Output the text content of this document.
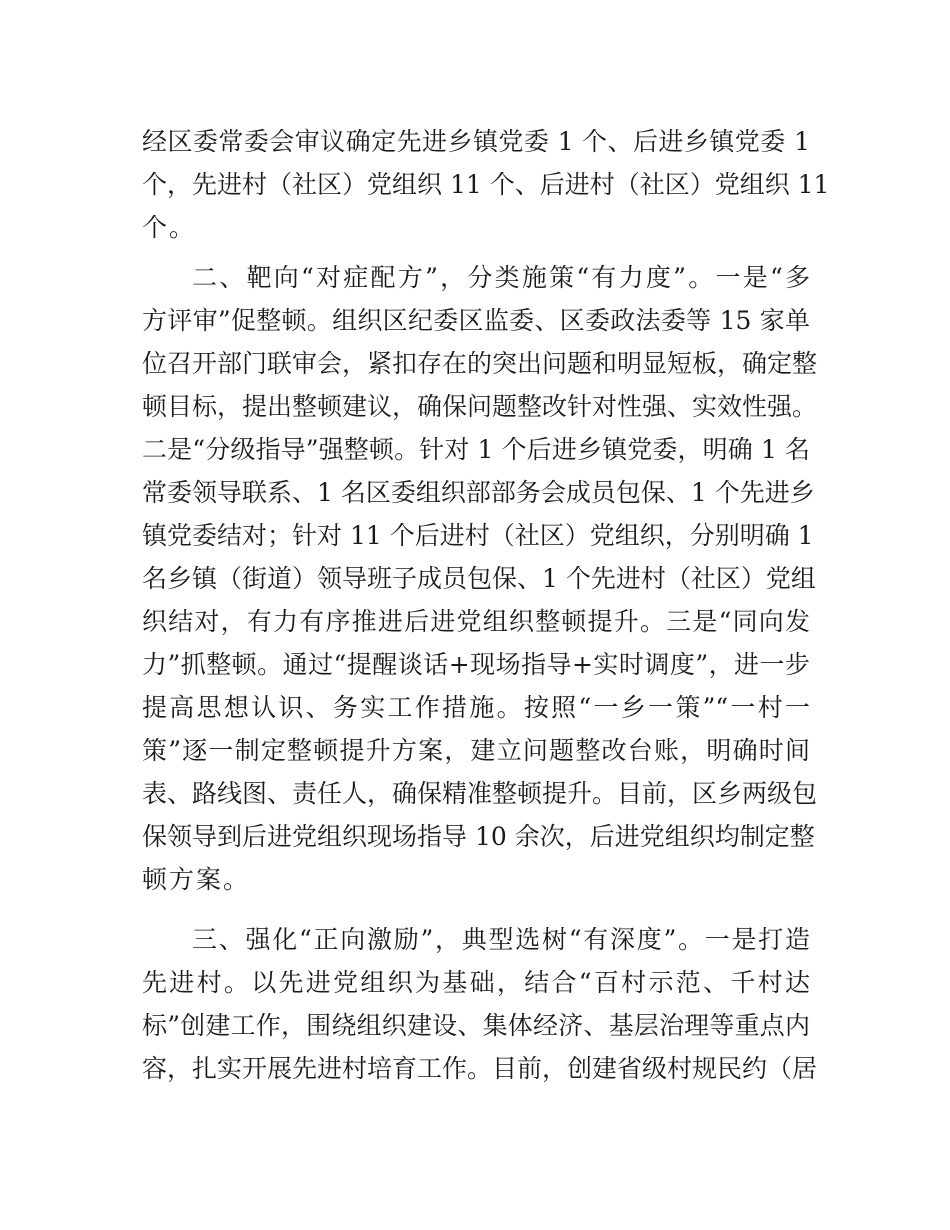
经区委常委会审议确定先进乡镇党委 1 个、后进乡镇党委 1
个，先进村（社区）党组织 11 个、后进村（社区）党组织 11
个。
二、靶向“对症配方”，分类施策“有力度”。一是“多
方评审”促整顿。组织区纪委区监委、区委政法委等 15 家单
位召开部门联审会，紧扣存在的突出问题和明显短板，确定整
顿目标，提出整顿建议，确保问题整改针对性强、实效性强。
二是“分级指导”强整顿。针对 1 个后进乡镇党委，明确 1 名
常委领导联系、1 名区委组织部部务会成员包保、1 个先进乡
镇党委结对；针对 11 个后进村（社区）党组织，分别明确 1
名乡镇（街道）领导班子成员包保、1 个先进村（社区）党组
织结对，有力有序推进后进党组织整顿提升。三是“同向发
力”抓整顿。通过“提醒谈话+现场指导+实时调度”，进一步
提高思想认识、务实工作措施。按照“一乡一策”“一村一
策”逐一制定整顿提升方案，建立问题整改台账，明确时间
表、路线图、责任人，确保精准整顿提升。目前，区乡两级包
保领导到后进党组织现场指导 10 余次，后进党组织均制定整
顿方案。
三、强化“正向激励”，典型选树“有深度”。一是打造
先进村。以先进党组织为基础，结合“百村示范、千村达
标”创建工作，围绕组织建设、集体经济、基层治理等重点内
容，扎实开展先进村培育工作。目前，创建省级村规民约（居
